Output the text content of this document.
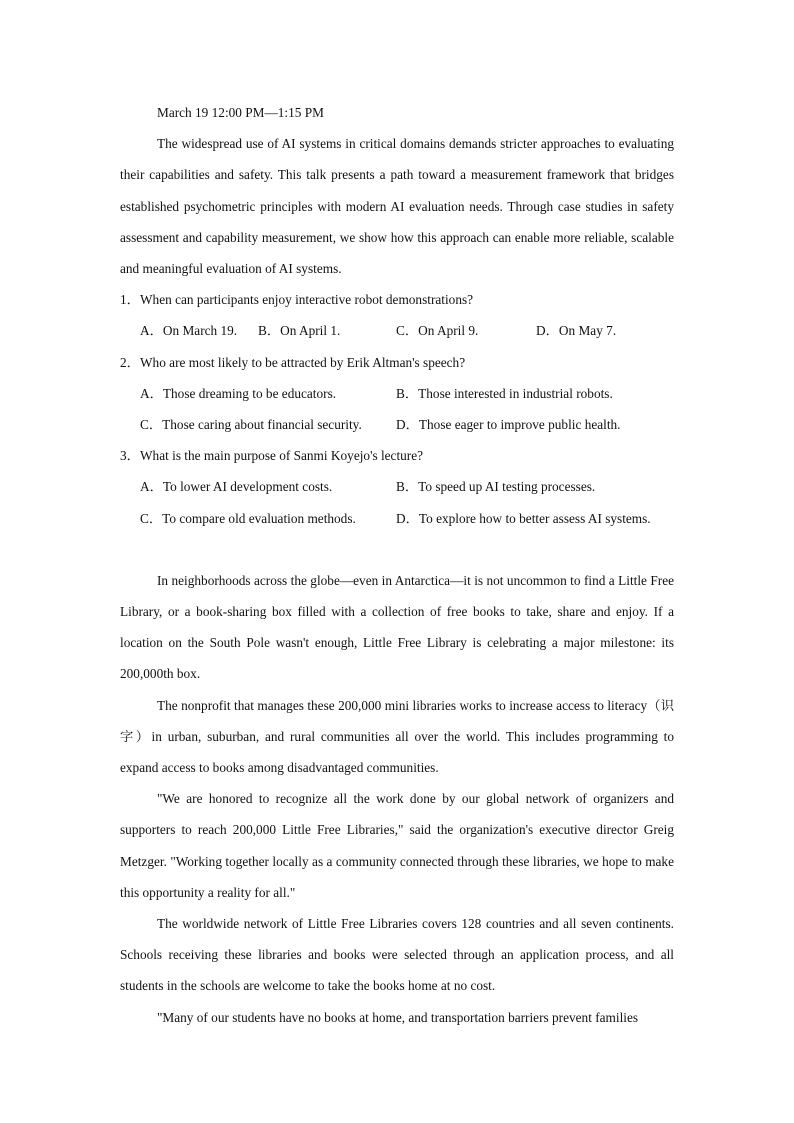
March 19 12:00 PM—1:15 PM

The widespread use of AI systems in critical domains demands stricter approaches to evaluating their capabilities and safety. This talk presents a path toward a measurement framework that bridges established psychometric principles with modern AI evaluation needs. Through case studies in safety assessment and capability measurement, we show how this approach can enable more reliable, scalable and meaningful evaluation of AI systems.

1． When can participants enjoy interactive robot demonstrations?

A．On March 19.	B．On April 1.	C．On April 9.	D．On May 7.

2． Who are most likely to be attracted by Erik Altman's speech?

A．Those dreaming to be educators.	B．Those interested in industrial robots.
C．Those caring about financial security.	D．Those eager to improve public health.

3． What is the main purpose of Sanmi Koyejo's lecture?

A．To lower AI development costs.	B．To speed up AI testing processes.
C．To compare old evaluation methods.	D．To explore how to better assess AI systems.

In neighborhoods across the globe—even in Antarctica—it is not uncommon to find a Little Free Library, or a book-sharing box filled with a collection of free books to take, share and enjoy. If a location on the South Pole wasn't enough, Little Free Library is celebrating a major milestone: its 200,000th box.

The nonprofit that manages these 200,000 mini libraries works to increase access to literacy（识字）in urban, suburban, and rural communities all over the world. This includes programming to expand access to books among disadvantaged communities.

"We are honored to recognize all the work done by our global network of organizers and supporters to reach 200,000 Little Free Libraries," said the organization's executive director Greig Metzger. "Working together locally as a community connected through these libraries, we hope to make this opportunity a reality for all."

The worldwide network of Little Free Libraries covers 128 countries and all seven continents. Schools receiving these libraries and books were selected through an application process, and all students in the schools are welcome to take the books home at no cost.

"Many of our students have no books at home, and transportation barriers prevent families
